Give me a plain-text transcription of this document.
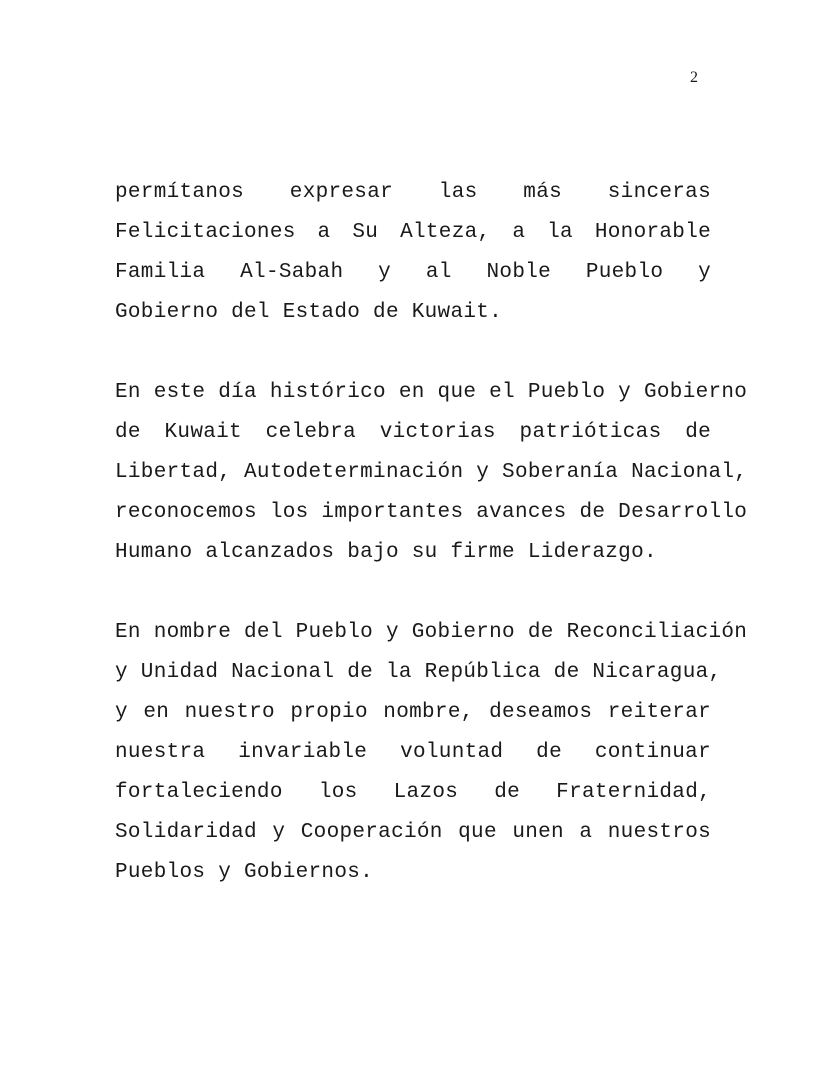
2

permítanos expresar las más sinceras
Felicitaciones a Su Alteza, a la Honorable
Familia Al-Sabah y al Noble Pueblo y
Gobierno del Estado de Kuwait.

En este día histórico en que el Pueblo y Gobierno
de Kuwait celebra victorias patrióticas de
Libertad, Autodeterminación y Soberanía Nacional,
reconocemos los importantes avances de Desarrollo
Humano alcanzados bajo su firme Liderazgo.

En nombre del Pueblo y Gobierno de Reconciliación
y Unidad Nacional de la República de Nicaragua,
y en nuestro propio nombre, deseamos reiterar
nuestra invariable voluntad de continuar
fortaleciendo los Lazos de Fraternidad,
Solidaridad y Cooperación que unen a nuestros
Pueblos y Gobiernos.
